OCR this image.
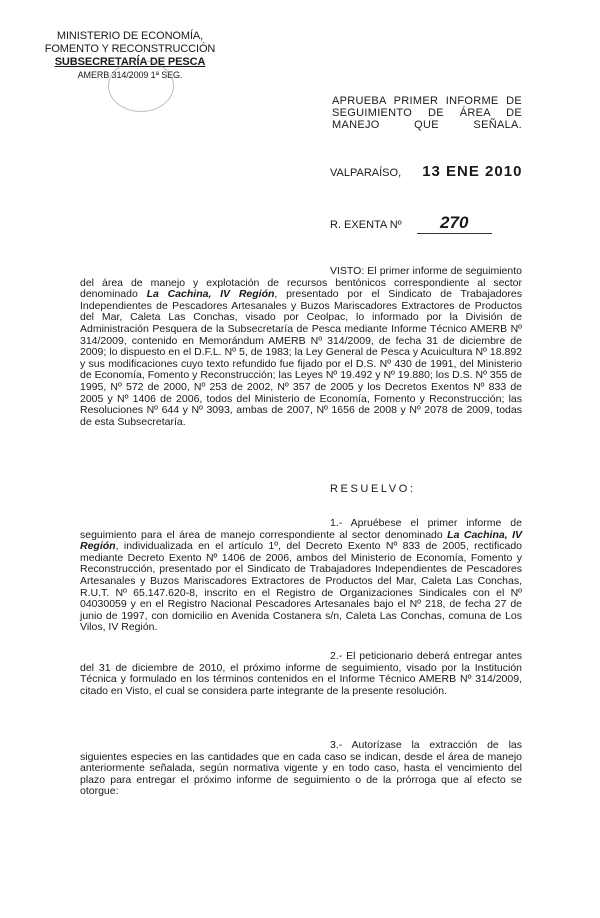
MINISTERIO DE ECONOMÍA,
FOMENTO Y RECONSTRUCCIÓN
SUBSECRETARÍA DE PESCA
AMERB 314/2009 1ª SEG.
APRUEBA PRIMER INFORME DE SEGUIMIENTO DE ÁREA DE MANEJO QUE SEÑALA.
VALPARAÍSO, 13 ENE 2010
R. EXENTA Nº 270
VISTO: El primer informe de seguimiento del área de manejo y explotación de recursos bentónicos correspondiente al sector denominado La Cachina, IV Región, presentado por el Sindicato de Trabajadores Independientes de Pescadores Artesanales y Buzos Mariscadores Extractores de Productos del Mar, Caleta Las Conchas, visado por Ceolpac, lo informado por la División de Administración Pesquera de la Subsecretaría de Pesca mediante Informe Técnico AMERB Nº 314/2009, contenido en Memorándum AMERB Nº 314/2009, de fecha 31 de diciembre de 2009; lo dispuesto en el D.F.L. Nº 5, de 1983; la Ley General de Pesca y Acuicultura Nº 18.892 y sus modificaciones cuyo texto refundido fue fijado por el D.S. Nº 430 de 1991, del Ministerio de Economía, Fomento y Reconstrucción; las Leyes Nº 19.492 y Nº 19.880; los D.S. Nº 355 de 1995, Nº 572 de 2000, Nº 253 de 2002, Nº 357 de 2005 y los Decretos Exentos Nº 833 de 2005 y Nº 1406 de 2006, todos del Ministerio de Economía, Fomento y Reconstrucción; las Resoluciones Nº 644 y Nº 3093, ambas de 2007, Nº 1656 de 2008 y Nº 2078 de 2009, todas de esta Subsecretaría.
RESUELVO:
1.- Apruébese el primer informe de seguimiento para el área de manejo correspondiente al sector denominado La Cachina, IV Región, individualizada en el artículo 1º, del Decreto Exento Nº 833 de 2005, rectificado mediante Decreto Exento Nº 1406 de 2006, ambos del Ministerio de Economía, Fomento y Reconstrucción, presentado por el Sindicato de Trabajadores Independientes de Pescadores Artesanales y Buzos Mariscadores Extractores de Productos del Mar, Caleta Las Conchas, R.U.T. Nº 65.147.620-8, inscrito en el Registro de Organizaciones Sindicales con el Nº 04030059 y en el Registro Nacional Pescadores Artesanales bajo el Nº 218, de fecha 27 de junio de 1997, con domicilio en Avenida Costanera s/n, Caleta Las Conchas, comuna de Los Vilos, IV Región.
2.- El peticionario deberá entregar antes del 31 de diciembre de 2010, el próximo informe de seguimiento, visado por la Institución Técnica y formulado en los términos contenidos en el Informe Técnico AMERB Nº 314/2009, citado en Visto, el cual se considera parte integrante de la presente resolución.
3.- Autorízase la extracción de las siguientes especies en las cantidades que en cada caso se indican, desde el área de manejo anteriormente señalada, según normativa vigente y en todo caso, hasta el vencimiento del plazo para entregar el próximo informe de seguimiento o de la prórroga que al efecto se otorgue:
